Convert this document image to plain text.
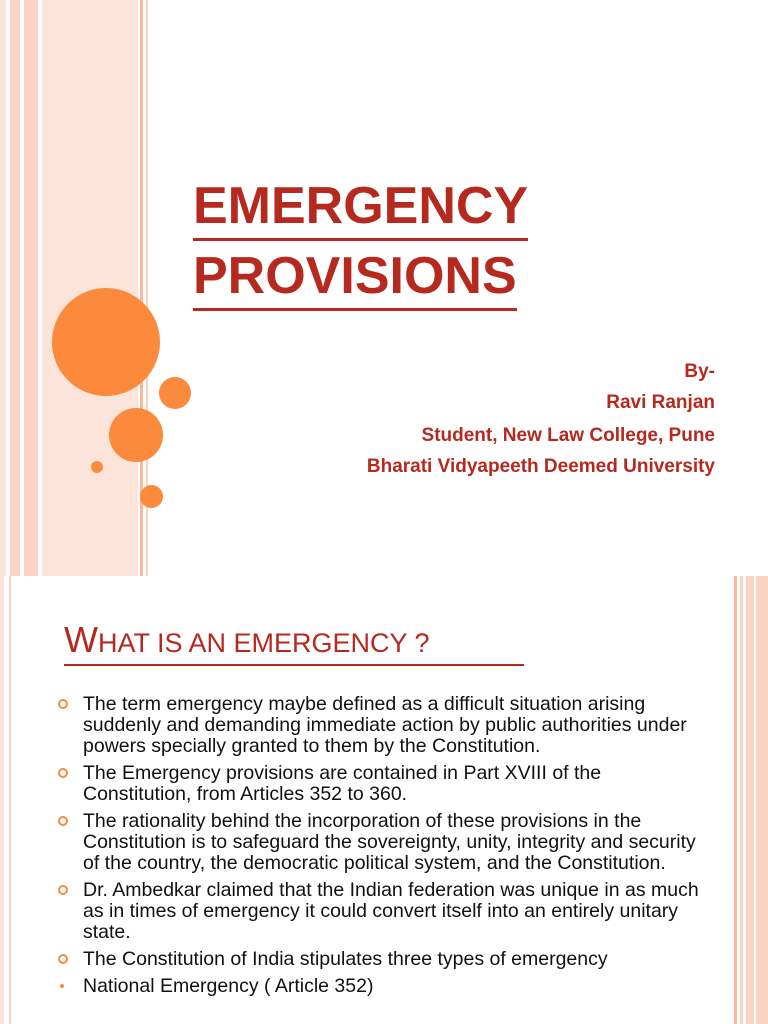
EMERGENCY
PROVISIONS
By-
Ravi Ranjan
Student, New Law College, Pune
Bharati Vidyapeeth Deemed University
WHAT IS AN EMERGENCY ?
The term emergency maybe defined as a difficult situation arising suddenly and demanding immediate action by public authorities under powers specially granted to them by the Constitution.
The Emergency provisions are contained in Part XVIII of the Constitution, from Articles 352 to 360.
The rationality behind the incorporation of these provisions in the Constitution is to safeguard the sovereignty, unity, integrity and security of the country, the democratic political system, and the Constitution.
Dr. Ambedkar claimed that the Indian federation was unique in as much as in times of emergency it could convert itself into an entirely unitary state.
The Constitution of India stipulates three types of emergency
National Emergency ( Article 352)
